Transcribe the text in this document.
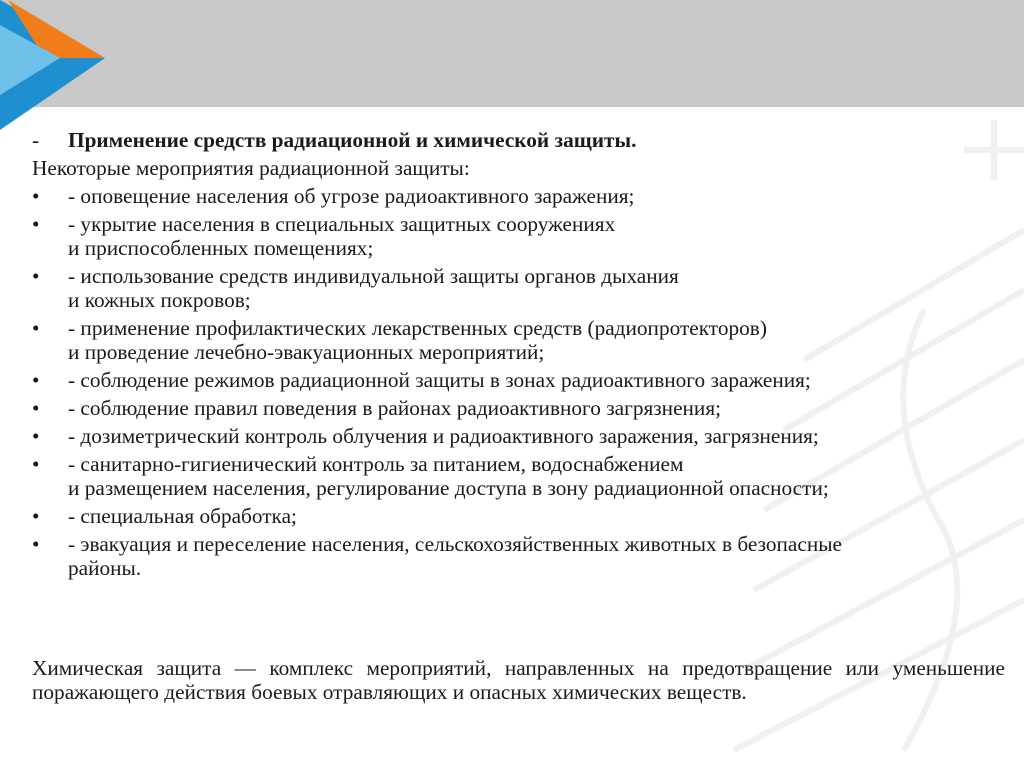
-	Применение средств радиационной и химической защиты.
Некоторые мероприятия радиационной защиты:
•	- оповещение населения об угрозе радиоактивного заражения;
•	- укрытие населения в специальных защитных сооружениях
и приспособленных помещениях;
•	- использование средств индивидуальной защиты органов дыхания
и кожных покровов;
•	- применение профилактических лекарственных средств (радиопротекторов)
и проведение лечебно-эвакуационных мероприятий;
•	- соблюдение режимов радиационной защиты в зонах радиоактивного заражения;
•	- соблюдение правил поведения в районах радиоактивного загрязнения;
•	- дозиметрический контроль облучения и радиоактивного заражения, загрязнения;
•	- санитарно-гигиенический контроль за питанием, водоснабжением
и размещением населения, регулирование доступа в зону радиационной опасности;
•	- специальная обработка;
•	- эвакуация и переселение населения, сельскохозяйственных животных в безопасные
районы.
Химическая защита — комплекс мероприятий, направленных на предотвращение или уменьшение поражающего действия боевых отравляющих и опасных химических веществ.
